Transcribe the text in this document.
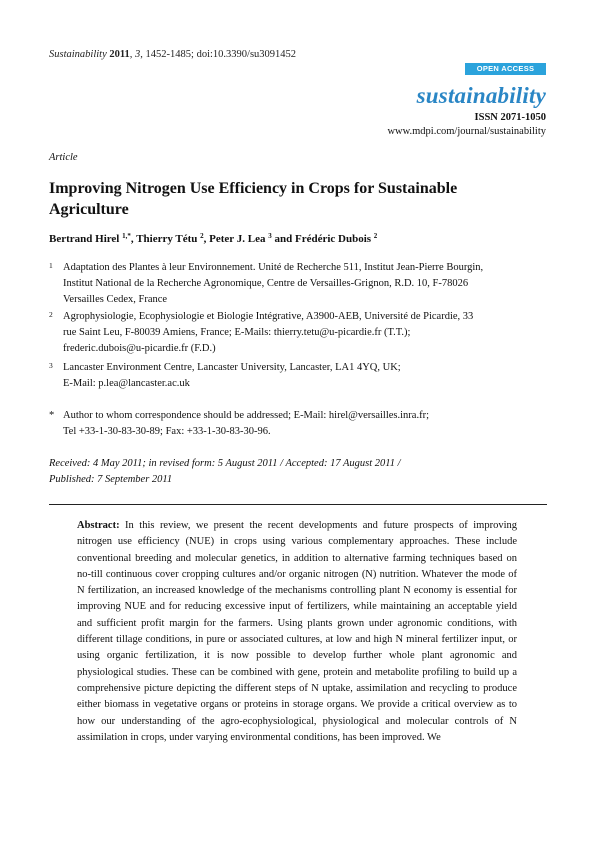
Sustainability 2011, 3, 1452-1485; doi:10.3390/su3091452
OPEN ACCESS
sustainability
ISSN 2071-1050
www.mdpi.com/journal/sustainability
Article
Improving Nitrogen Use Efficiency in Crops for Sustainable Agriculture
Bertrand Hirel $^{1,*}$, Thierry Tétu $^2$, Peter J. Lea $^3$ and Frédéric Dubois $^2$
1 Adaptation des Plantes à leur Environnement. Unité de Recherche 511, Institut Jean-Pierre Bourgin,
Institut National de la Recherche Agronomique, Centre de Versailles-Grignon, R.D. 10, F-78026
Versailles Cedex, France
2 Agrophysiologie, Ecophysiologie et Biologie Intégrative, A3900-AEB, Université de Picardie, 33
rue Saint Leu, F-80039 Amiens, France; E-Mails: thierry.tetu@u-picardie.fr (T.T.);
frederic.dubois@u-picardie.fr (F.D.)
3 Lancaster Environment Centre, Lancaster University, Lancaster, LA1 4YQ, UK;
E-Mail: p.lea@lancaster.ac.uk
* Author to whom correspondence should be addressed; E-Mail: hirel@versailles.inra.fr;
Tel +33-1-30-83-30-89; Fax: +33-1-30-83-30-96.
Received: 4 May 2011; in revised form: 5 August 2011 / Accepted: 17 August 2011 /
Published: 7 September 2011
Abstract: In this review, we present the recent developments and future prospects of improving nitrogen use efficiency (NUE) in crops using various complementary approaches. These include conventional breeding and molecular genetics, in addition to alternative farming techniques based on no-till continuous cover cropping cultures and/or organic nitrogen (N) nutrition. Whatever the mode of N fertilization, an increased knowledge of the mechanisms controlling plant N economy is essential for improving NUE and for reducing excessive input of fertilizers, while maintaining an acceptable yield and sufficient profit margin for the farmers. Using plants grown under agronomic conditions, with different tillage conditions, in pure or associated cultures, at low and high N mineral fertilizer input, or using organic fertilization, it is now possible to develop further whole plant agronomic and physiological studies. These can be combined with gene, protein and metabolite profiling to build up a comprehensive picture depicting the different steps of N uptake, assimilation and recycling to produce either biomass in vegetative organs or proteins in storage organs. We provide a critical overview as to how our understanding of the agro-ecophysiological, physiological and molecular controls of N assimilation in crops, under varying environmental conditions, has been improved. We
